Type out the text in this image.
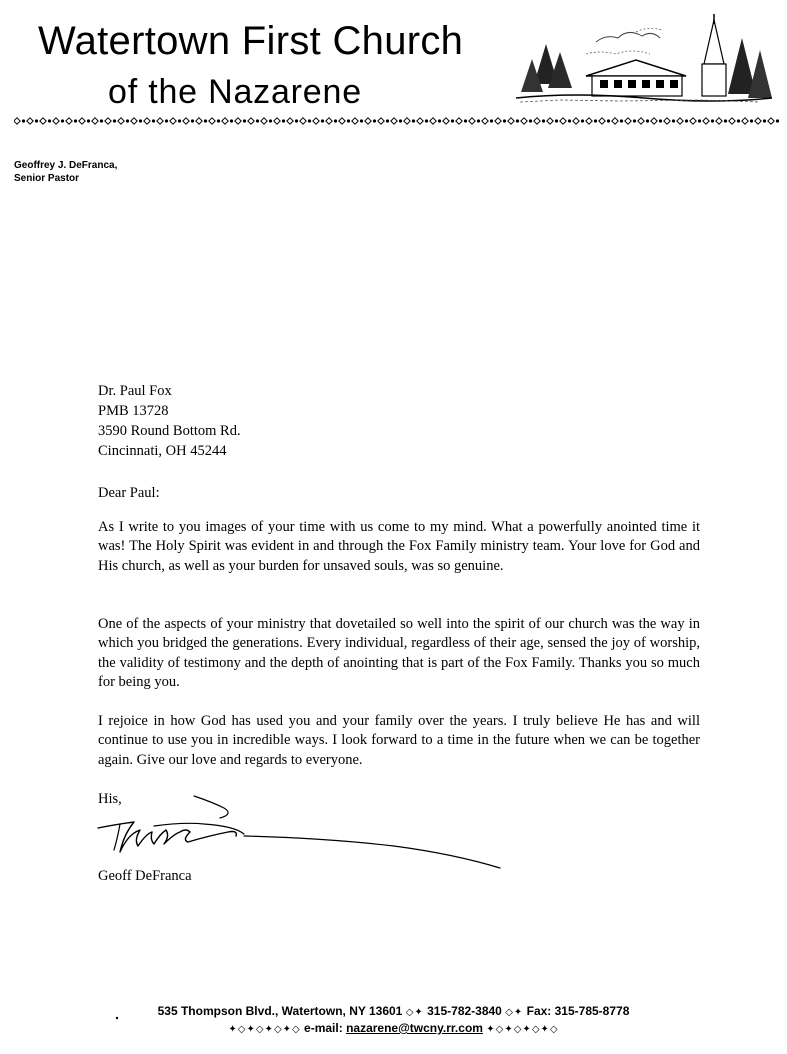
Watertown First Church
of the Nazarene
Geoffrey J. DeFranca,
Senior Pastor
Dr. Paul Fox
PMB 13728
3590 Round Bottom Rd.
Cincinnati, OH 45244
Dear Paul:
As I write to you images of your time with us come to my mind. What a powerfully anointed time it was! The Holy Spirit was evident in and through the Fox Family ministry team. Your love for God and His church, as well as your burden for unsaved souls, was so genuine.
One of the aspects of your ministry that dovetailed so well into the spirit of our church was the way in which you bridged the generations. Every individual, regardless of their age, sensed the joy of worship, the validity of testimony and the depth of anointing that is part of the Fox Family. Thanks you so much for being you.
I rejoice in how God has used you and your family over the years. I truly believe He has and will continue to use you in incredible ways. I look forward to a time in the future when we can be together again. Give our love and regards to everyone.
His,
Geoff DeFranca
535 Thompson Blvd., Watertown, NY 13601 ◇✦ 315-782-3840 ◇✦ Fax: 315-785-8778
✦◇✦◇✦◇✦◇ e-mail: nazarene@twcny.rr.com ✦◇✦◇✦◇✦◇
